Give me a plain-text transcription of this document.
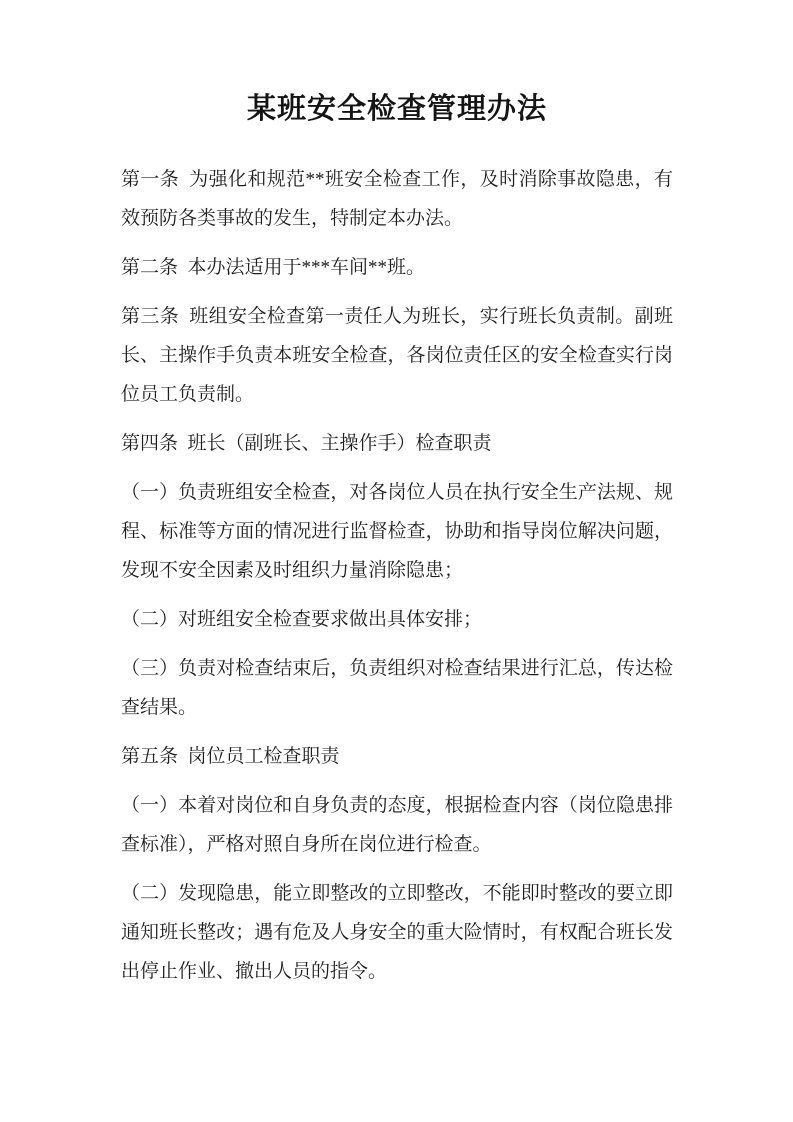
某班安全检查管理办法

第一条  为强化和规范**班安全检查工作，及时消除事故隐患，有效预防各类事故的发生，特制定本办法。

第二条  本办法适用于***车间**班。

第三条  班组安全检查第一责任人为班长，实行班长负责制。副班长、主操作手负责本班安全检查，各岗位责任区的安全检查实行岗位员工负责制。

第四条  班长（副班长、主操作手）检查职责

（一）负责班组安全检查，对各岗位人员在执行安全生产法规、规程、标准等方面的情况进行监督检查，协助和指导岗位解决问题，发现不安全因素及时组织力量消除隐患；

（二）对班组安全检查要求做出具体安排；

（三）负责对检查结束后，负责组织对检查结果进行汇总，传达检查结果。

第五条  岗位员工检查职责

（一）本着对岗位和自身负责的态度，根据检查内容（岗位隐患排查标准），严格对照自身所在岗位进行检查。

（二）发现隐患，能立即整改的立即整改，不能即时整改的要立即通知班长整改；遇有危及人身安全的重大险情时，有权配合班长发出停止作业、撤出人员的指令。
